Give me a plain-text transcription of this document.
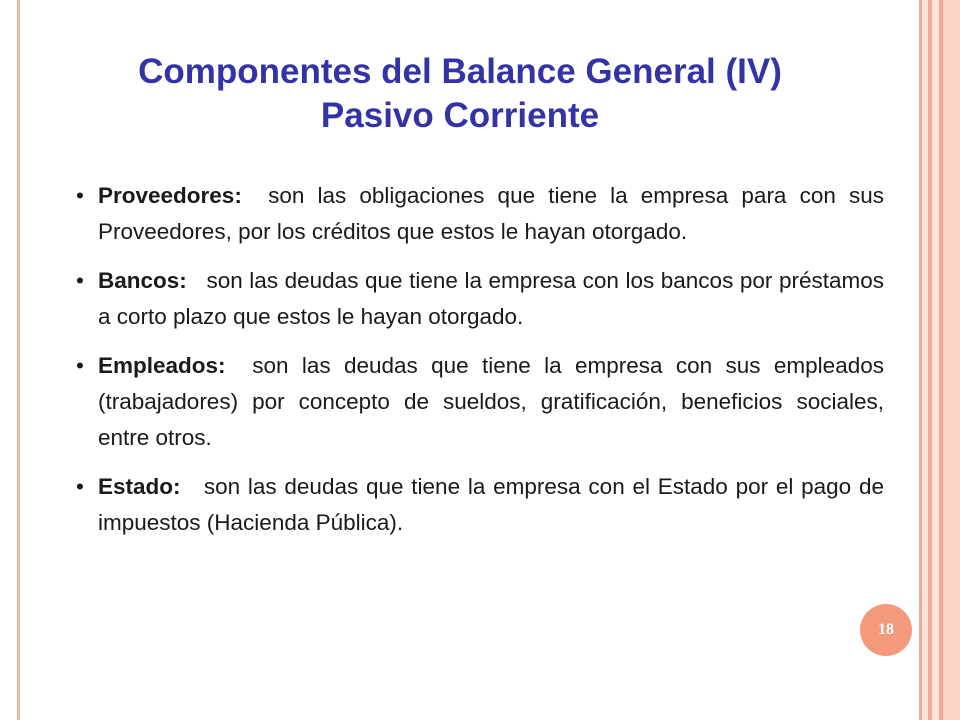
Componentes del Balance General (IV)
Pasivo Corriente
• Proveedores: son las obligaciones que tiene la empresa para con sus Proveedores, por los créditos que estos le hayan otorgado.
• Bancos: son las deudas que tiene la empresa con los bancos por préstamos a corto plazo que estos le hayan otorgado.
• Empleados: son las deudas que tiene la empresa con sus empleados (trabajadores) por concepto de sueldos, gratificación, beneficios sociales, entre otros.
• Estado: son las deudas que tiene la empresa con el Estado por el pago de impuestos (Hacienda Pública).
18
